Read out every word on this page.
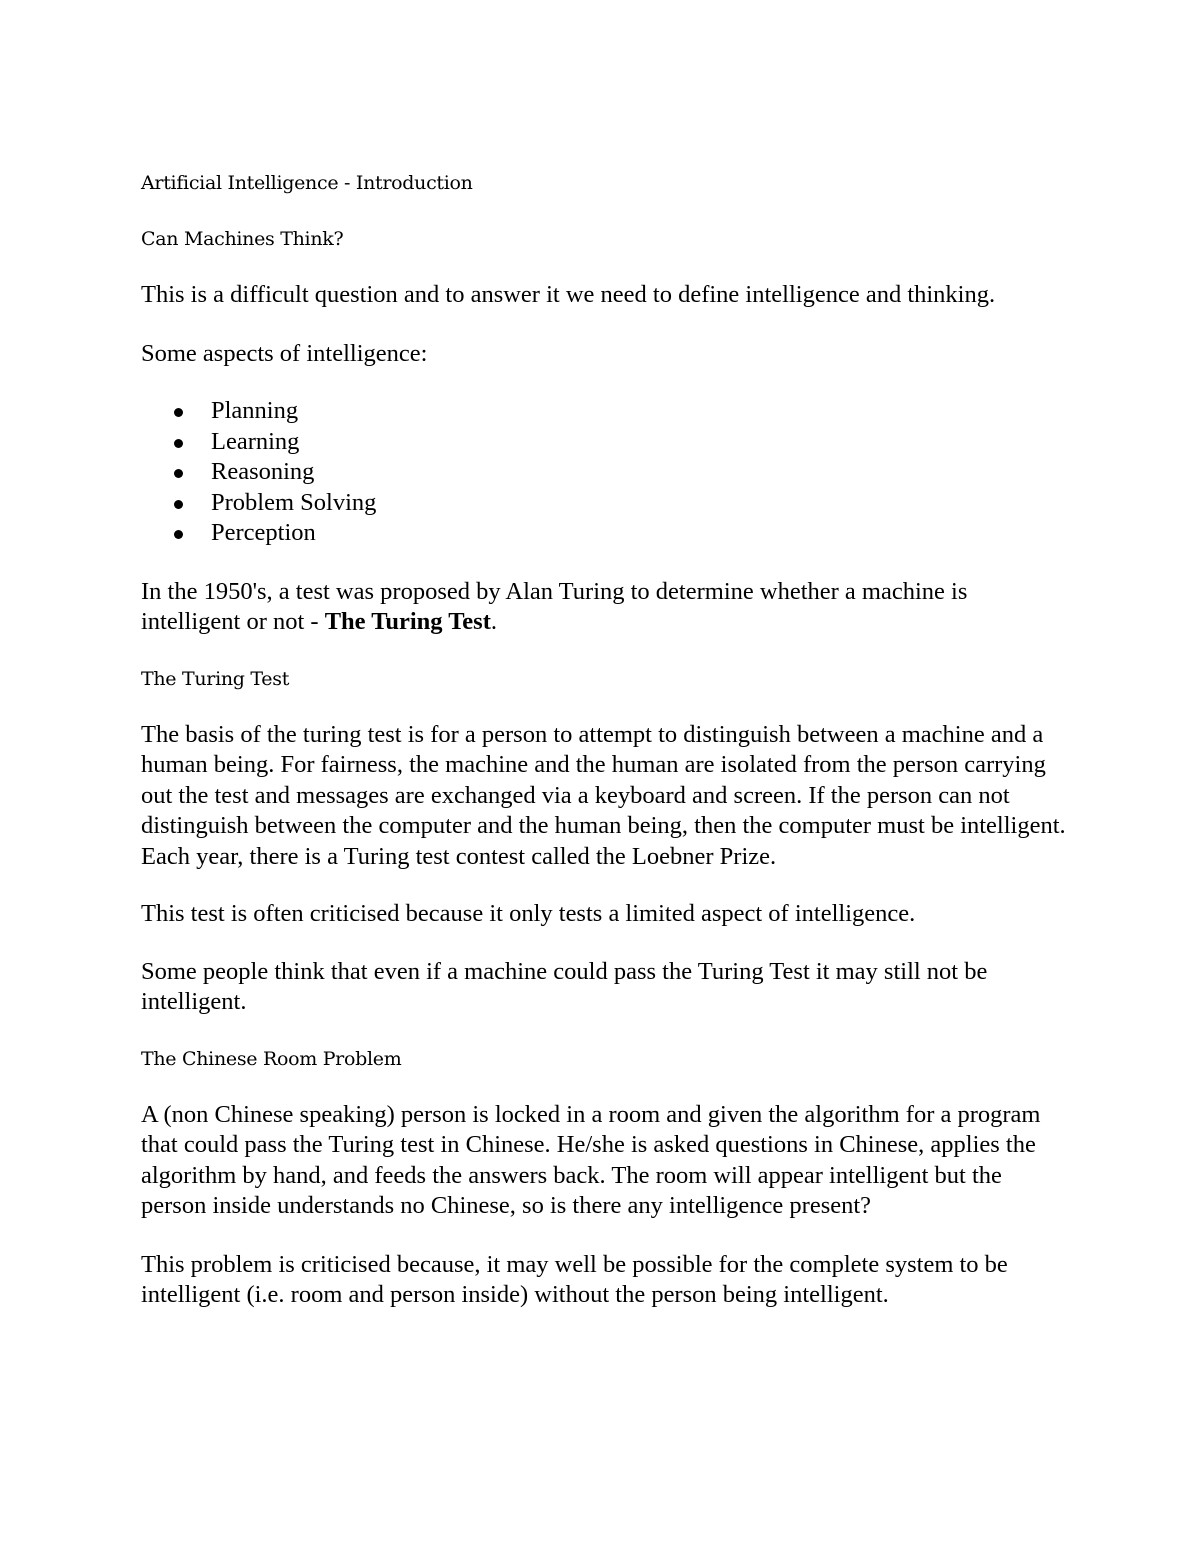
Artificial Intelligence - Introduction

Can Machines Think?

This is a difficult question and to answer it we need to define intelligence and thinking.

Some aspects of intelligence:

Planning
Learning
Reasoning
Problem Solving
Perception

In the 1950's, a test was proposed by Alan Turing to determine whether a machine is intelligent or not - The Turing Test.

The Turing Test

The basis of the turing test is for a person to attempt to distinguish between a machine and a human being. For fairness, the machine and the human are isolated from the person carrying out the test and messages are exchanged via a keyboard and screen. If the person can not distinguish between the computer and the human being, then the computer must be intelligent. Each year, there is a Turing test contest called the Loebner Prize.

This test is often criticised because it only tests a limited aspect of intelligence.

Some people think that even if a machine could pass the Turing Test it may still not be intelligent.

The Chinese Room Problem

A (non Chinese speaking) person is locked in a room and given the algorithm for a program that could pass the Turing test in Chinese. He/she is asked questions in Chinese, applies the algorithm by hand, and feeds the answers back. The room will appear intelligent but the person inside understands no Chinese, so is there any intelligence present?

This problem is criticised because, it may well be possible for the complete system to be intelligent (i.e. room and person inside) without the person being intelligent.
